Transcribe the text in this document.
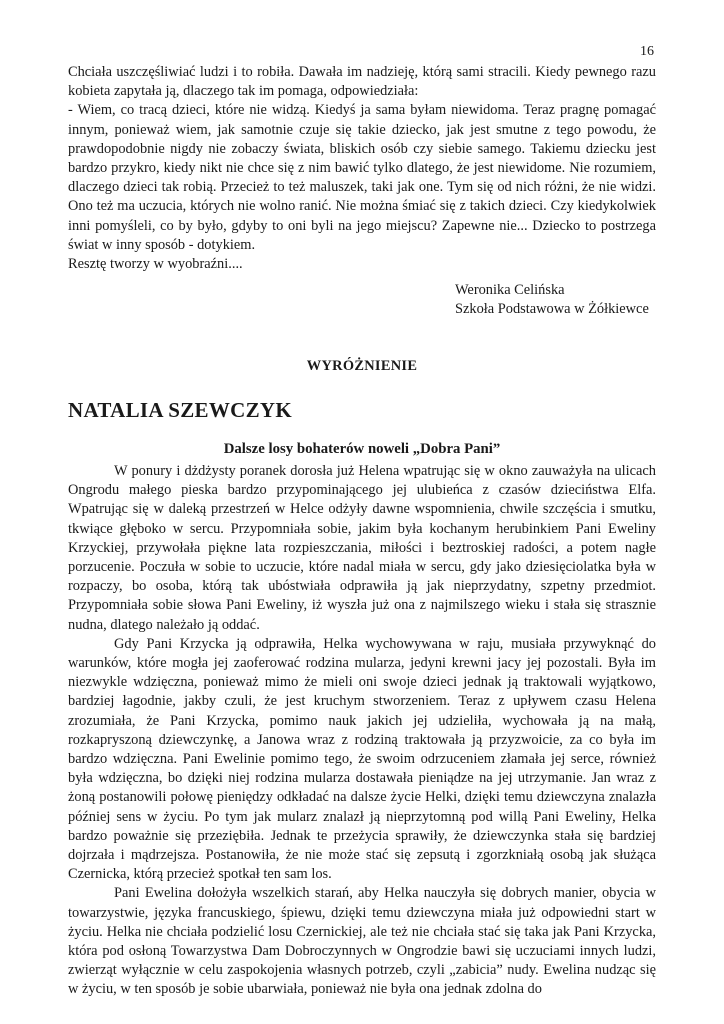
16

Chciała uszczęśliwiać ludzi i to robiła. Dawała im nadzieję, którą sami stracili. Kiedy pewnego razu kobieta zapytała ją, dlaczego tak im pomaga, odpowiedziała:

- Wiem, co tracą dzieci, które nie widzą. Kiedyś ja sama byłam niewidoma. Teraz pragnę pomagać innym, ponieważ wiem, jak samotnie czuje się takie dziecko, jak jest smutne z tego powodu, że prawdopodobnie nigdy nie zobaczy świata, bliskich osób czy siebie samego. Takiemu dziecku jest bardzo przykro, kiedy nikt nie chce się z nim bawić tylko dlatego, że jest niewidome. Nie rozumiem, dlaczego dzieci tak robią. Przecież to też maluszek, taki jak one. Tym się od nich różni, że nie widzi. Ono też ma uczucia, których nie wolno ranić. Nie można śmiać się z takich dzieci. Czy kiedykolwiek inni pomyśleli, co by było, gdyby to oni byli na jego miejscu? Zapewne nie... Dziecko to postrzega świat w inny sposób - dotykiem.

Resztę tworzy w wyobraźni....

Weronika Celińska
Szkoła Podstawowa w Żółkiewce
WYRÓŻNIENIE
NATALIA SZEWCZYK
Dalsze losy bohaterów noweli „Dobra Pani”

W ponury i dżdżysty poranek dorosła już Helena wpatrując się w okno zauważyła na ulicach Ongrodu małego pieska bardzo przypominającego jej ulubieńca z czasów dzieciństwa Elfa. Wpatrując się w daleką przestrzeń w Helce odżyły dawne wspomnienia, chwile szczęścia i smutku, tkwiące głęboko w sercu. Przypomniała sobie, jakim była kochanym herubinkiem Pani Eweliny Krzyckiej, przywołała piękne lata rozpieszczania, miłości i beztroskiej radości, a potem nagłe porzucenie. Poczuła w sobie to uczucie, które nadal miała w sercu, gdy jako dziesięciolatka była w rozpaczy, bo osoba, którą tak ubóstwiała odprawiła ją jak nieprzydatny, szpetny przedmiot. Przypomniała sobie słowa Pani Eweliny, iż wyszła już ona z najmilszego wieku i stała się strasznie nudna, dlatego należało ją oddać.

Gdy Pani Krzycka ją odprawiła, Helka wychowywana w raju, musiała przywyknąć do warunków, które mogła jej zaoferować rodzina mularza, jedyni krewni jacy jej pozostali. Była im niezwykle wdzięczna, ponieważ mimo że mieli oni swoje dzieci jednak ją traktowali wyjątkowo, bardziej łagodnie, jakby czuli, że jest kruchym stworzeniem. Teraz z upływem czasu Helena zrozumiała, że Pani Krzycka, pomimo nauk jakich jej udzieliła, wychowała ją na małą, rozkapryszoną dziewczynkę, a Janowa wraz z rodziną traktowała ją przyzwoicie, za co była im bardzo wdzięczna. Pani Ewelinie pomimo tego, że swoim odrzuceniem złamała jej serce, również była wdzięczna, bo dzięki niej rodzina mularza dostawała pieniądze na jej utrzymanie. Jan wraz z żoną postanowili połowę pieniędzy odkładać na dalsze życie Helki, dzięki temu dziewczyna znalazła później sens w życiu. Po tym jak mularz znalazł ją nieprzytomną pod willą Pani Eweliny, Helka bardzo poważnie się przeziębiła. Jednak te przeżycia sprawiły, że dziewczynka stała się bardziej dojrzała i mądrzejsza. Postanowiła, że nie może stać się zepsutą i zgorzkniałą osobą jak służąca Czernicka, którą przecież spotkał ten sam los.

Pani Ewelina dołożyła wszelkich starań, aby Helka nauczyła się dobrych manier, obycia w towarzystwie, języka francuskiego, śpiewu, dzięki temu dziewczyna miała już odpowiedni start w życiu. Helka nie chciała podzielić losu Czernickiej, ale też nie chciała stać się taka jak Pani Krzycka, która pod osłoną Towarzystwa Dam Dobroczynnych w Ongrodzie bawi się uczuciami innych ludzi, zwierząt wyłącznie w celu zaspokojenia własnych potrzeb, czyli „zabicia” nudy. Ewelina nudząc się w życiu, w ten sposób je sobie ubarwiała, ponieważ nie była ona jednak zdolna do
